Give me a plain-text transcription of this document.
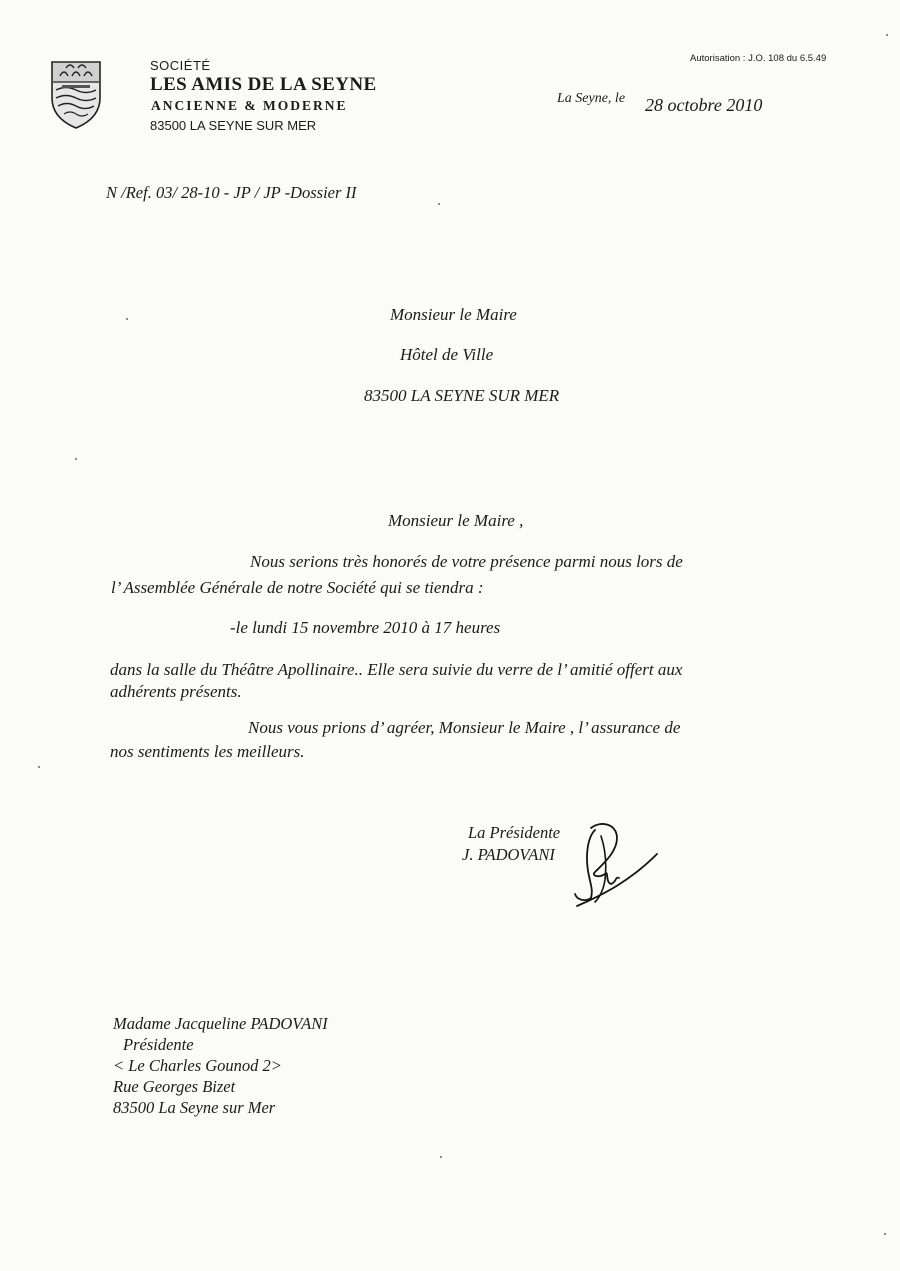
SOCIÉTÉ
LES AMIS DE LA SEYNE
ANCIENNE & MODERNE
83500 LA SEYNE SUR MER
Autorisation : J.O. 108 du 6.5.49
La Seyne, le 28 octobre 2010
N /Ref. 03/ 28-10 - JP / JP -Dossier II
Monsieur le Maire
Hôtel de Ville
83500 LA SEYNE SUR MER
Monsieur le Maire ,
Nous serions très honorés de votre présence parmi nous lors de
l’ Assemblée Générale de notre Société qui se tiendra :
-le lundi 15 novembre 2010 à 17 heures
dans la salle du Théâtre Apollinaire.. Elle sera suivie du verre de l’ amitié offert aux
adhérents présents.
Nous vous prions d’ agréer, Monsieur le Maire , l’ assurance de
nos sentiments les meilleurs.
La Présidente
J. PADOVANI
Madame Jacqueline PADOVANI
Présidente
< Le Charles Gounod 2>
Rue Georges Bizet
83500 La Seyne sur Mer
